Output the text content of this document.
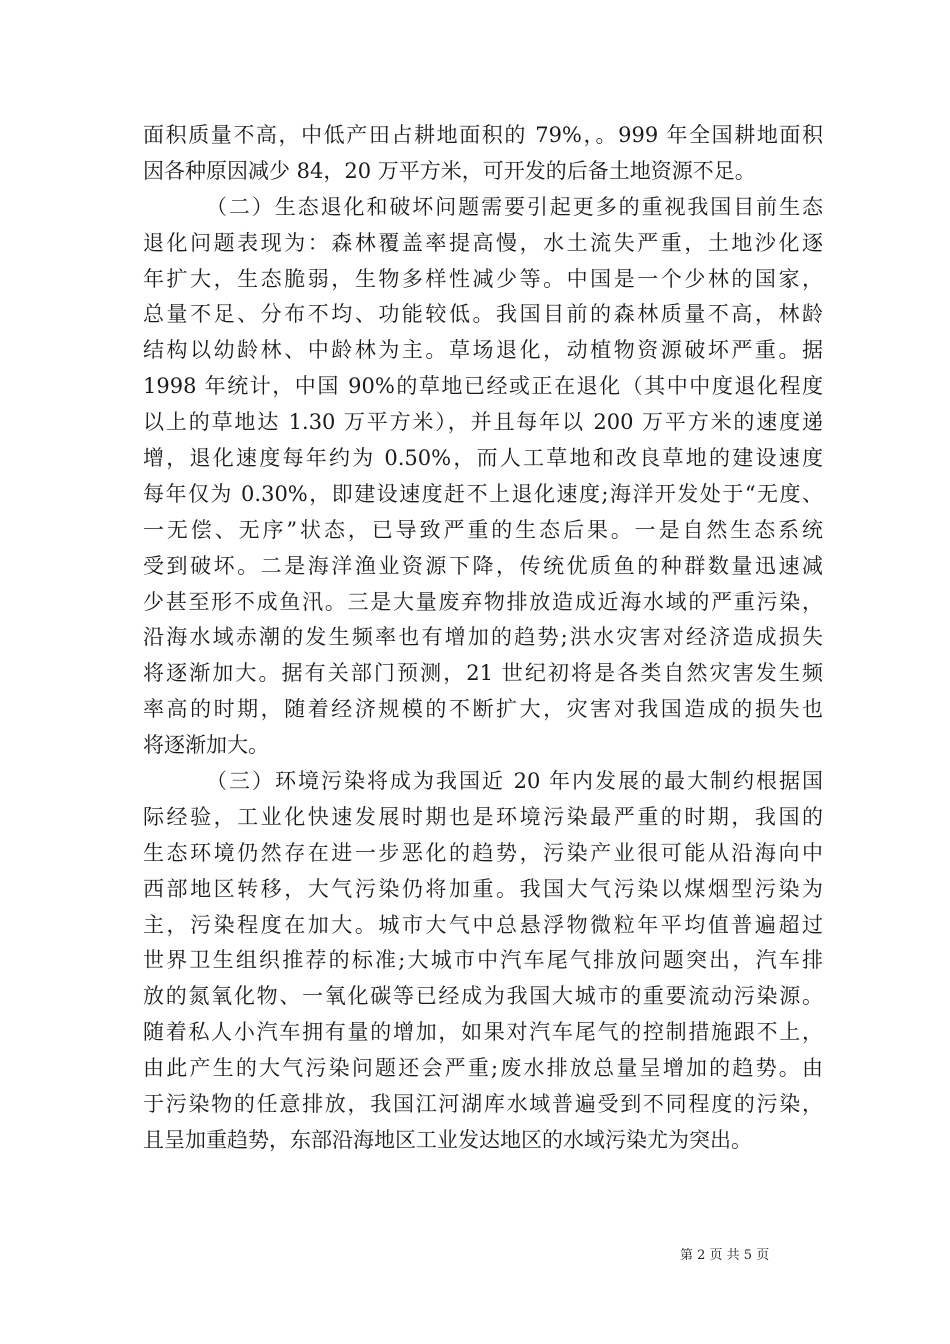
面积质量不高，中低产田占耕地面积的 79%，。999 年全国耕地面积
因各种原因减少 84，20 万平方米，可开发的后备土地资源不足。
（二）生态退化和破坏问题需要引起更多的重视我国目前生态
退化问题表现为：森林覆盖率提高慢，水土流失严重，土地沙化逐
年扩大，生态脆弱，生物多样性减少等。中国是一个少林的国家，
总量不足、分布不均、功能较低。我国目前的森林质量不高，林龄
结构以幼龄林、中龄林为主。草场退化，动植物资源破坏严重。据
1998 年统计，中国 90%的草地已经或正在退化（其中中度退化程度
以上的草地达 1.30 万平方米），并且每年以 200 万平方米的速度递
增，退化速度每年约为 0.50%，而人工草地和改良草地的建设速度
每年仅为 0.30%，即建设速度赶不上退化速度;海洋开发处于“无度、
一无偿、无序”状态，已导致严重的生态后果。一是自然生态系统
受到破坏。二是海洋渔业资源下降，传统优质鱼的种群数量迅速减
少甚至形不成鱼汛。三是大量废弃物排放造成近海水域的严重污染，
沿海水域赤潮的发生频率也有增加的趋势;洪水灾害对经济造成损失
将逐渐加大。据有关部门预测，21 世纪初将是各类自然灾害发生频
率高的时期，随着经济规模的不断扩大，灾害对我国造成的损失也
将逐渐加大。
（三）环境污染将成为我国近 20 年内发展的最大制约根据国
际经验，工业化快速发展时期也是环境污染最严重的时期，我国的
生态环境仍然存在进一步恶化的趋势，污染产业很可能从沿海向中
西部地区转移，大气污染仍将加重。我国大气污染以煤烟型污染为
主，污染程度在加大。城市大气中总悬浮物微粒年平均值普遍超过
世界卫生组织推荐的标准;大城市中汽车尾气排放问题突出，汽车排
放的氮氧化物、一氧化碳等已经成为我国大城市的重要流动污染源。
随着私人小汽车拥有量的增加，如果对汽车尾气的控制措施跟不上，
由此产生的大气污染问题还会严重;废水排放总量呈增加的趋势。由
于污染物的任意排放，我国江河湖库水域普遍受到不同程度的污染，
且呈加重趋势，东部沿海地区工业发达地区的水域污染尤为突出。
第 2 页 共 5 页
